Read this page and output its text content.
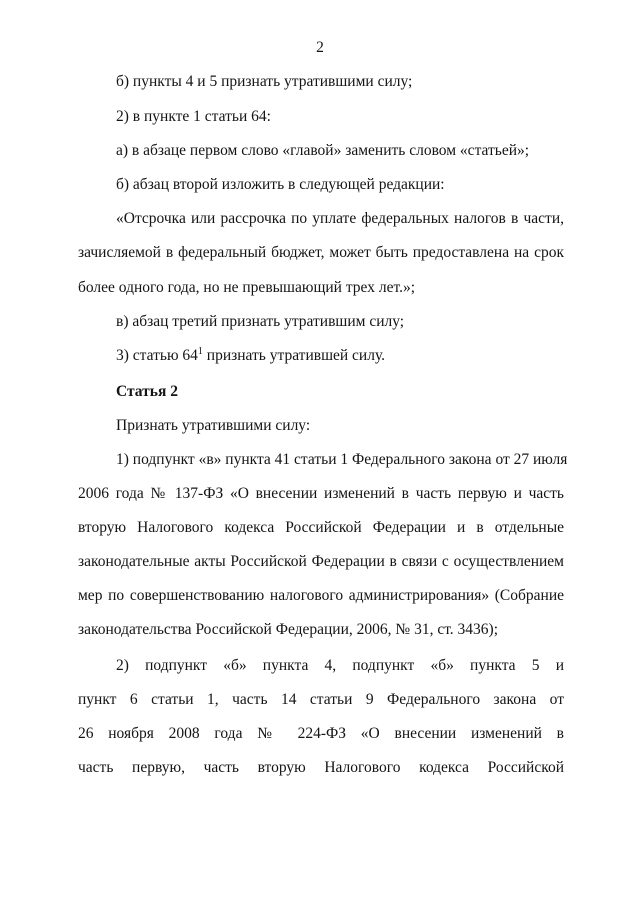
2
б) пункты 4 и 5 признать утратившими силу;
2) в пункте 1 статьи 64:
а) в абзаце первом слово «главой» заменить словом «статьей»;
б) абзац второй изложить в следующей редакции:
«Отсрочка или рассрочка по уплате федеральных налогов в части,
зачисляемой в федеральный бюджет, может быть предоставлена на срок
более одного года, но не превышающий трех лет.»;
в) абзац третий признать утратившим силу;
3) статью $64^1$ признать утратившей силу.
Статья 2
Признать утратившими силу:
1) подпункт «в» пункта 41 статьи 1 Федерального закона от 27 июля
2006 года № 137-ФЗ «О внесении изменений в часть первую и часть
вторую Налогового кодекса Российской Федерации и в отдельные
законодательные акты Российской Федерации в связи с осуществлением
мер по совершенствованию налогового администрирования» (Собрание
законодательства Российской Федерации, 2006, № 31, ст. 3436);
2) подпункт «б» пункта 4, подпункт «б» пункта 5 и
пункт 6 статьи 1, часть 14 статьи 9 Федерального закона от
26 ноября 2008 года № 224-ФЗ «О внесении изменений в
часть первую, часть вторую Налогового кодекса Российской
